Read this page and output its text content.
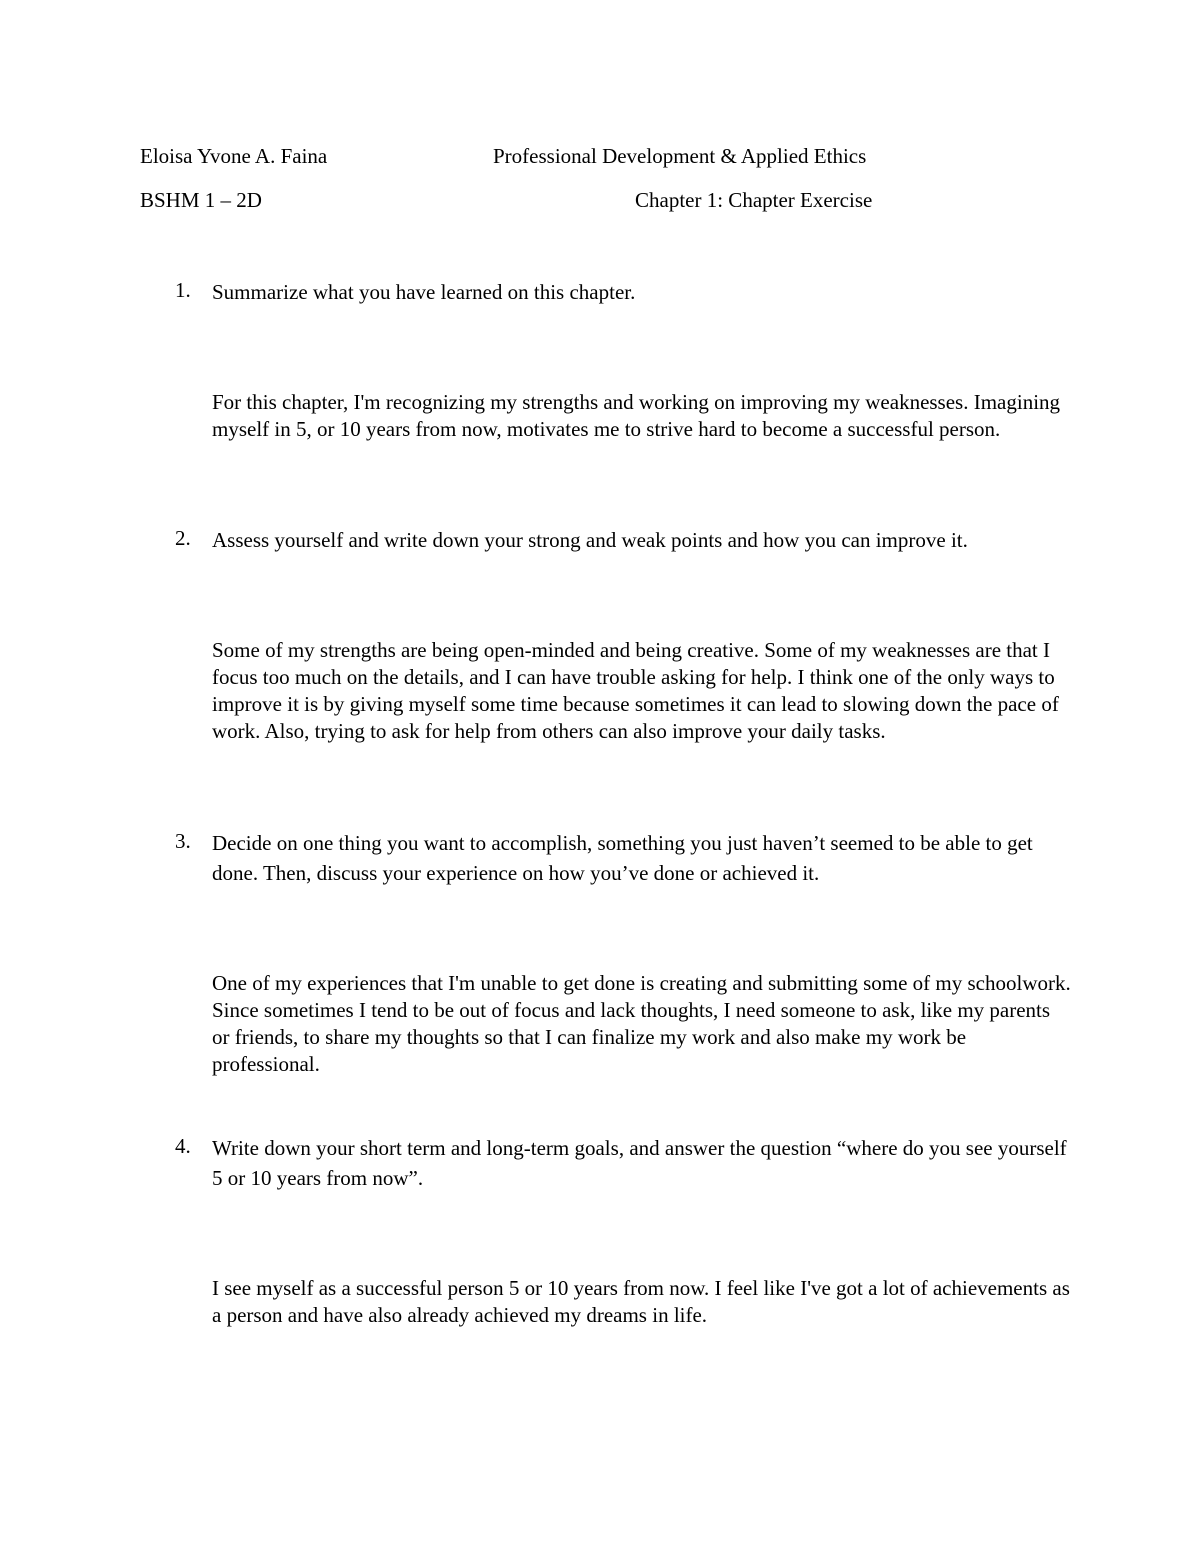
Eloisa Yvone A. Faina	Professional Development & Applied Ethics
BSHM 1 – 2D	Chapter 1: Chapter Exercise
1. Summarize what you have learned on this chapter.
For this chapter, I'm recognizing my strengths and working on improving my weaknesses. Imagining myself in 5, or 10 years from now, motivates me to strive hard to become a successful person.
2. Assess yourself and write down your strong and weak points and how you can improve it.
Some of my strengths are being open-minded and being creative. Some of my weaknesses are that I focus too much on the details, and I can have trouble asking for help. I think one of the only ways to improve it is by giving myself some time because sometimes it can lead to slowing down the pace of work. Also, trying to ask for help from others can also improve your daily tasks.
3. Decide on one thing you want to accomplish, something you just haven’t seemed to be able to get done. Then, discuss your experience on how you’ve done or achieved it.
One of my experiences that I'm unable to get done is creating and submitting some of my schoolwork. Since sometimes I tend to be out of focus and lack thoughts, I need someone to ask, like my parents or friends, to share my thoughts so that I can finalize my work and also make my work be professional.
4. Write down your short term and long-term goals, and answer the question “where do you see yourself 5 or 10 years from now”.
I see myself as a successful person 5 or 10 years from now. I feel like I've got a lot of achievements as a person and have also already achieved my dreams in life.
